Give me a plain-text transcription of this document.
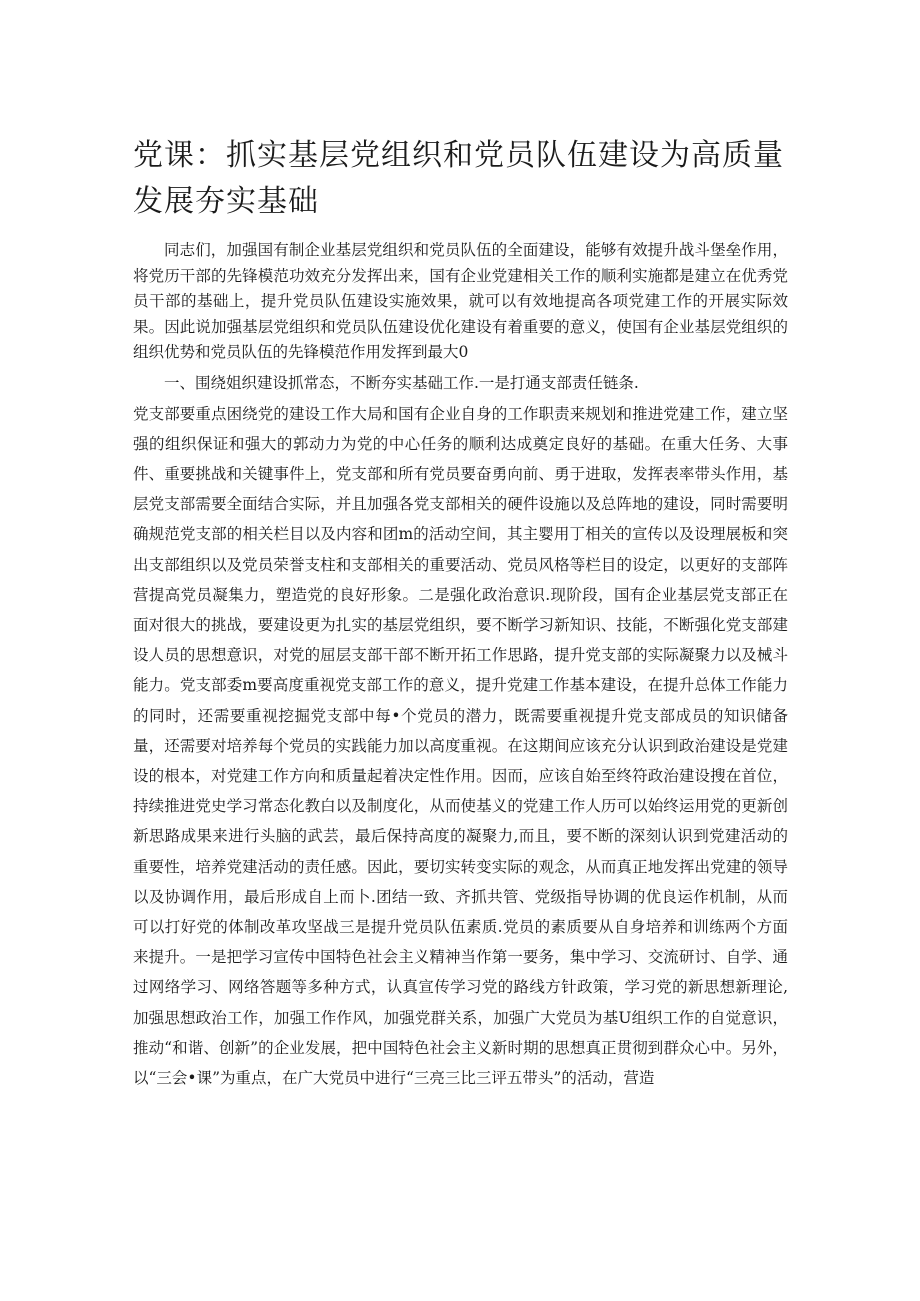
党课：抓实基层党组织和党员队伍建设为高质量发展夯实基础

同志们，加强国有制企业基层党组织和党员队伍的全面建设，能够有效提升战斗堡垒作用，将党历干部的先锋模范功效充分发挥出来，国有企业党建相关工作的顺利实施都是建立在优秀党员干部的基础上，提升党员队伍建设实施效果，就可以有效地提高各项党建工作的开展实际效果。因此说加强基层党组织和党员队伍建设优化建设有着重要的意义，使国有企业基层党组织的组织优势和党员队伍的先锋模范作用发挥到最大0

一、围绕姐织建设抓常态，不断夯实基础工作.一是打通支部责任链条.

党支部要重点困绕党的建设工作大局和国有企业自身的工作职责来规划和推进党建工作，建立坚强的组织保证和强大的郭动力为党的中心任务的顺利达成奠定良好的基础。在重大任务、大事件、重要挑战和关键事件上，党支部和所有党员要奋勇向前、勇于进取，发挥表率带头作用，基层党支部需要全面结合实际，并且加强各党支部相关的硬件设施以及总阵地的建设，同时需要明确规范党支部的相关栏目以及内容和团m的活动空间，其主婴用丁相关的宣传以及设理展板和突出支部组织以及党员荣誉支柱和支部相关的重要活动、党员风格等栏目的设定，以更好的支部阵营提高党员凝集力，塑造党的良好形象。二是强化政治意识.现阶段，国有企业基层党支部正在面对很大的挑战，要建设更为扎实的基层党组织，要不断学习新知识、技能，不断强化党支部建设人员的思想意识，对党的屈层支部干部不断开拓工作思路，提升党支部的实际凝聚力以及械斗能力。党支部委m要高度重视党支部工作的意义，提升党建工作基本建设，在提升总体工作能力的同时，还需要重视挖掘党支部中每•个党员的潜力，既需要重视提升党支部成员的知识储备量，还需要对培养每个党员的实践能力加以高度重视。在这期间应该充分认识到政治建设是党建设的根本，对党建工作方向和质量起着决定性作用。因而，应该自始至终符政治建设搜在首位，持续推进党史学习常态化教白以及制度化，从而使基义的党建工作人历可以始终运用党的更新创新思路成果来进行头脑的武芸，最后保持高度的凝聚力,而且，要不断的深刻认识到党建活动的重要性，培养党建活动的责任感。因此，要切实转变实际的观念，从而真正地发挥出党建的领导以及协调作用，最后形成自上而卜.团结一致、齐抓共管、党级指导协调的优良运作机制，从而可以打好党的体制改革攻坚战三是提升党员队伍素质.党员的素质要从自身培养和训练两个方面来提升。一是把学习宣传中国特色社会主义精神当作第一要务，集中学习、交流研讨、自学、通过网络学习、网络答题等多种方式，认真宣传学习党的路线方针政策，学习党的新思想新理论,加强思想政治工作，加强工作作风，加强党群关系，加强广大党员为基U组织工作的自觉意识，推动“和谐、创新”的企业发展，把中国特色社会主义新时期的思想真正贯彻到群众心中。另外，以“三会•课”为重点，在广大党员中进行“三亮三比三评五带头”的活动，营造
